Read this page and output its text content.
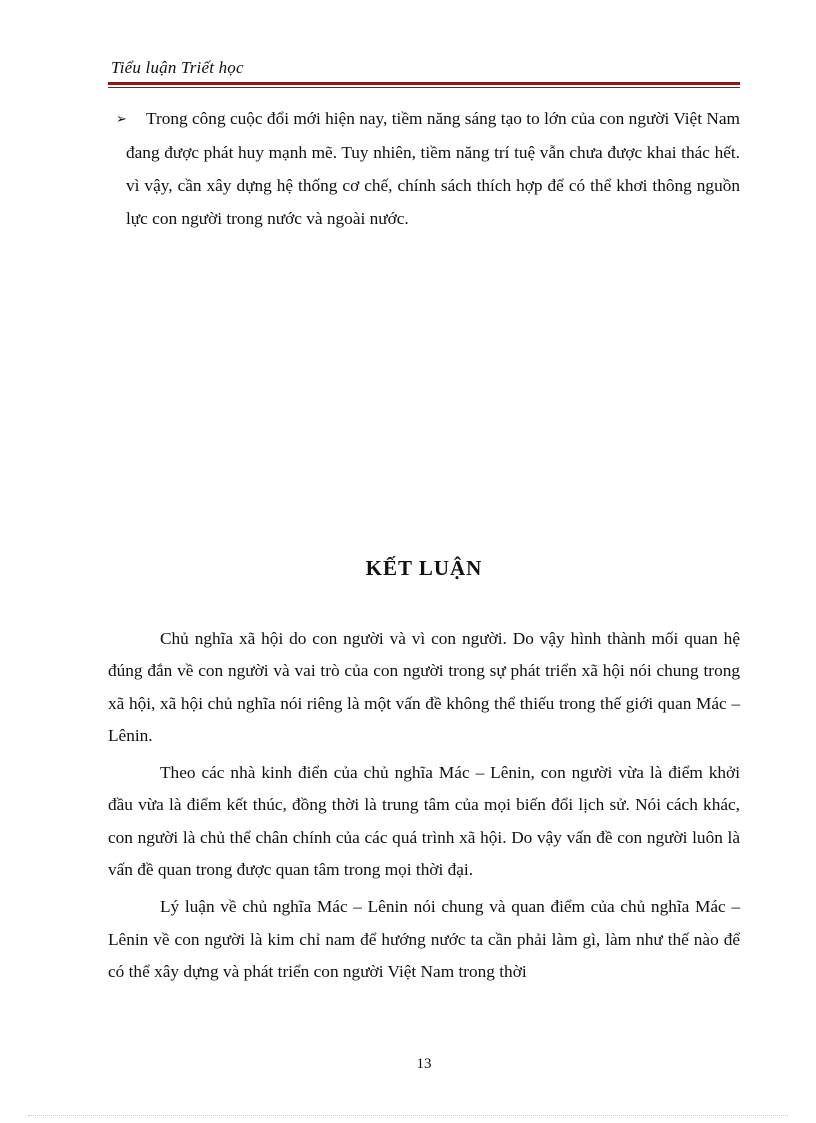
Tiểu luận Triết học
➢ Trong công cuộc đổi mới hiện nay, tiềm năng sáng tạo to lớn của con người Việt Nam đang được phát huy mạnh mẽ. Tuy nhiên, tiềm năng trí tuệ vẫn chưa được khai thác hết. vì vậy, cần xây dựng hệ thống cơ chế, chính sách thích hợp để có thể khơi thông nguồn lực con người trong nước và ngoài nước.
KẾT LUẬN

Chủ nghĩa xã hội do con người và vì con người. Do vậy hình thành mối quan hệ đúng đắn về con người và vai trò của con người trong sự phát triển xã hội nói chung trong xã hội, xã hội chủ nghĩa nói riêng là một vấn đề không thể thiếu trong thế giới quan Mác – Lênin.

Theo các nhà kinh điển của chủ nghĩa Mác – Lênin, con người vừa là điểm khởi đầu vừa là điểm kết thúc, đồng thời là trung tâm của mọi biến đổi lịch sử. Nói cách khác, con người là chủ thể chân chính của các quá trình xã hội. Do vậy vấn đề con người luôn là vấn đề quan trong được quan tâm trong mọi thời đại.

Lý luận về chủ nghĩa Mác – Lênin nói chung và quan điểm của chủ nghĩa Mác – Lênin về con người là kim chỉ nam để hướng nước ta cần phải làm gì, làm như thế nào để có thể xây dựng và phát triển con người Việt Nam trong thời

13
